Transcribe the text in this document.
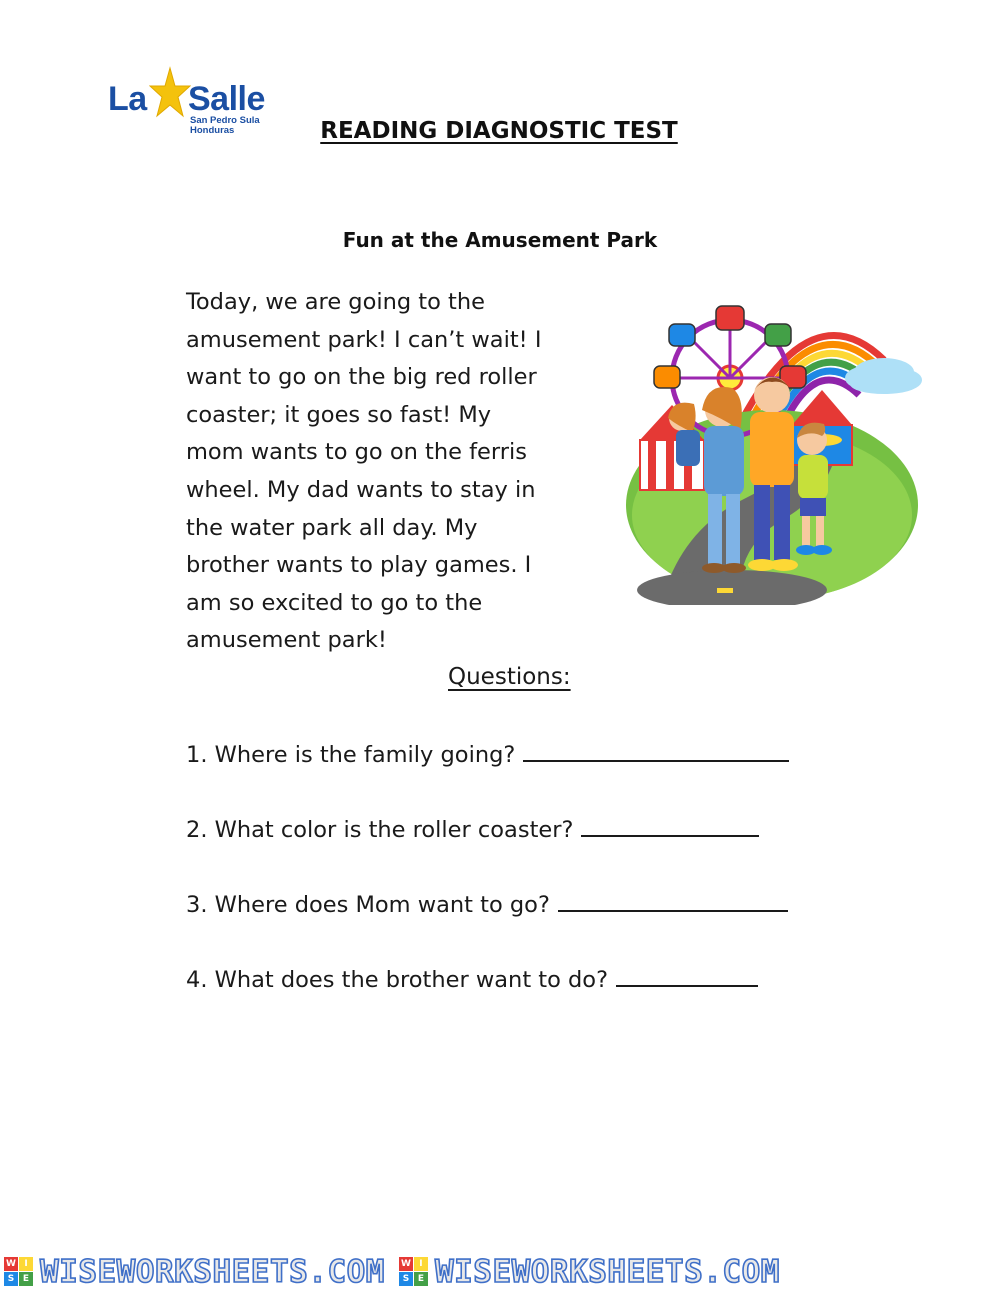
La Salle
San Pedro Sula
Honduras	READING DIAGNOSTIC TEST
Fun at the Amusement Park
Today, we are going to the
amusement park! I can’t wait! I
want to go on the big red roller
coaster; it goes so fast! My
mom wants to go on the ferris
wheel. My dad wants to stay in
the water park all day. My
brother wants to play games. I
am so excited to go to the
amusement park!
Questions:
1. Where is the family going?
2. What color is the roller coaster?
3. Where does Mom want to go?
4. What does the brother want to do?
W I
S E WISEWORKSHEETS.COM W I
S E WISEWORKSHEETS.COM
